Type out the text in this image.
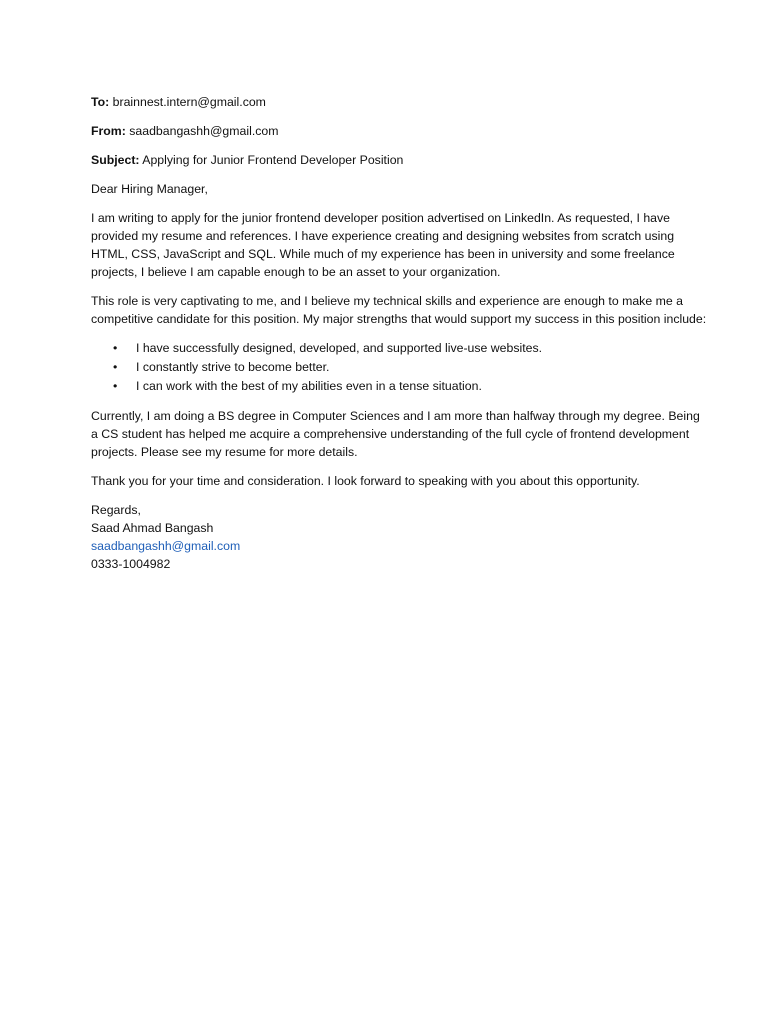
To: brainnest.intern@gmail.com
From: saadbangashh@gmail.com
Subject: Applying for Junior Frontend Developer Position
Dear Hiring Manager,
I am writing to apply for the junior frontend developer position advertised on LinkedIn. As requested, I have provided my resume and references. I have experience creating and designing websites from scratch using HTML, CSS, JavaScript and SQL. While much of my experience has been in university and some freelance projects, I believe I am capable enough to be an asset to your organization.
This role is very captivating to me, and I believe my technical skills and experience are enough to make me a competitive candidate for this position. My major strengths that would support my success in this position include:
• I have successfully designed, developed, and supported live-use websites.
• I constantly strive to become better.
• I can work with the best of my abilities even in a tense situation.
Currently, I am doing a BS degree in Computer Sciences and I am more than halfway through my degree. Being a CS student has helped me acquire a comprehensive understanding of the full cycle of frontend development projects. Please see my resume for more details.
Thank you for your time and consideration. I look forward to speaking with you about this opportunity.
Regards,
Saad Ahmad Bangash
saadbangashh@gmail.com
0333-1004982
